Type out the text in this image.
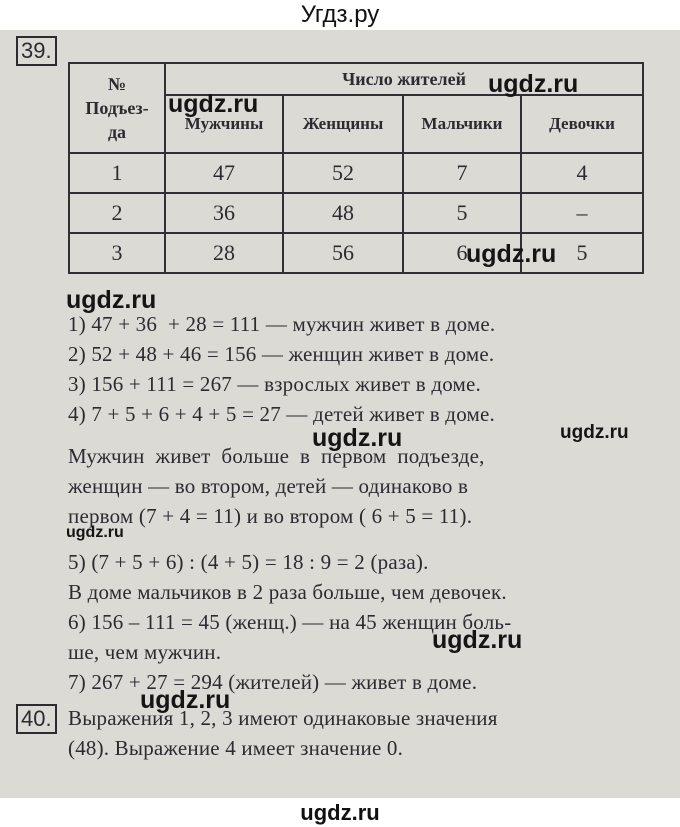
Угдз.ру
39.
№
Подъез-
да	Число жителей			
	Мужчины	Женщины	Мальчики	Девочки
1	47	52	7	4
2	36	48	5	–
3	28	56	6	5
1) 47 + 36  + 28 = 111 — мужчин живет в доме.
2) 52 + 48 + 46 = 156 — женщин живет в доме.
3) 156 + 111 = 267 — взрослых живет в доме.
4) 7 + 5 + 6 + 4 + 5 = 27 — детей живет в доме.
Мужчин  живет  больше  в  первом  подъезде,
женщин — во втором, детей — одинаково в
первом (7 + 4 = 11) и во втором ( 6 + 5 = 11).
5) (7 + 5 + 6) : (4 + 5) = 18 : 9 = 2 (раза).
В доме мальчиков в 2 раза больше, чем девочек.
6) 156 – 111 = 45 (женщ.) — на 45 женщин боль-
ше, чем мужчин.
7) 267 + 27 = 294 (жителей) — живет в доме.
40. Выражения 1, 2, 3 имеют одинаковые значения
(48). Выражение 4 имеет значение 0.
ugdz.ru
ugdz.ru
ugdz.ru
ugdz.ru
ugdz.ru	ugdz.ru
ugdz.ru
ugdz.ru
ugdz.ru
ugdz.ru
